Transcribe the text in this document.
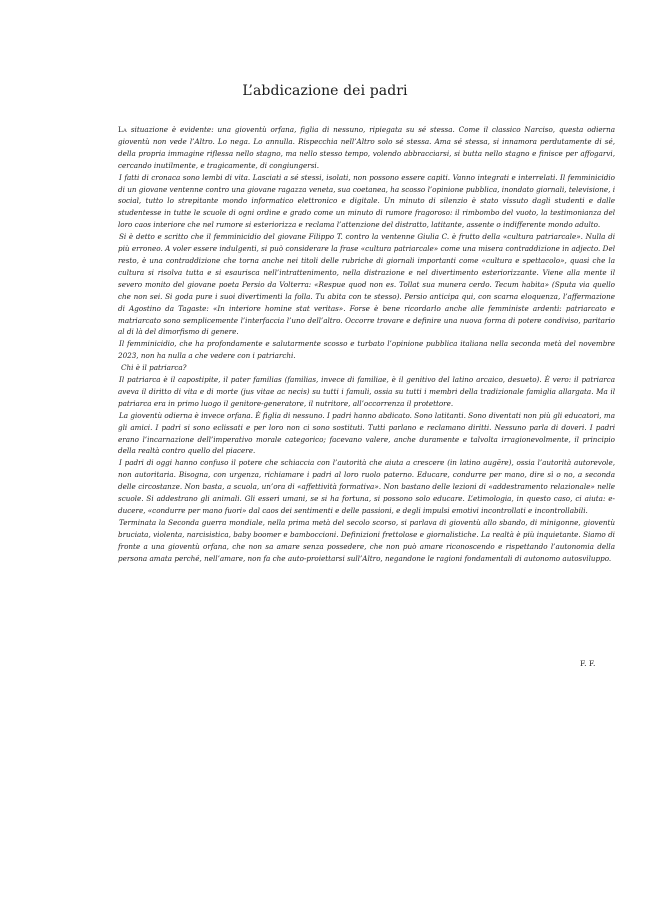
L’abdicazione dei padri

La situazione è evidente: una gioventù orfana, figlia di nessuno, ripiegata su sé stessa. Come il classico Narciso, questa odierna gioventù non vede l’Altro. Lo nega. Lo annulla. Rispecchia nell’Altro solo sé stessa. Ama sé stessa, si innamora perdutamente di sé, della propria immagine riflessa nello stagno, ma nello stesso tempo, volendo abbracciarsi, si butta nello stagno e finisce per affogarvi, cercando inutilmente, e tragicamente, di congiungersi.

I fatti di cronaca sono lembi di vita. Lasciati a sé stessi, isolati, non possono essere capiti. Vanno integrati e interrelati. Il femminicidio di un giovane ventenne contro una giovane ragazza veneta, sua coetanea, ha scosso l’opinione pubblica, inondato giornali, televisione, i social, tutto lo strepitante mondo informatico elettronico e digitale. Un minuto di silenzio è stato vissuto dagli studenti e dalle studentesse in tutte le scuole di ogni ordine e grado come un minuto di rumore fragoroso: il rimbombo del vuoto, la testimonianza del loro caos interiore che nel rumore si esteriorizza e reclama l’attenzione del distratto, latitante, assente o indifferente mondo adulto.

Si è detto e scritto che il femminicidio del giovane Filippo T. contro la ventenne Giulia C. è frutto della «cultura patriarcale». Nulla di più erroneo. A voler essere indulgenti, si può considerare la frase «cultura patriarcale» come una misera contraddizione in adjecto. Del resto, è una contraddizione che torna anche nei titoli delle rubriche di giornali importanti come «cultura e spettacolo», quasi che la cultura si risolva tutta e si esaurisca nell’intrattenimento, nella distrazione e nel divertimento esteriorizzante. Viene alla mente il severo monito del giovane poeta Persio da Volterra: «Respue quod non es. Tollat sua munera cerdo. Tecum habita» (Sputa via quello che non sei. Si goda pure i suoi divertimenti la folla. Tu abita con te stesso). Persio anticipa qui, con scarna eloquenza, l’affermazione di Agostino da Tagaste: «In interiore homine stat veritas». Forse è bene ricordarlo anche alle femministe ardenti: patriarcato e matriarcato sono semplicemente l’interfaccia l’uno dell’altro. Occorre trovare e definire una nuova forma di potere condiviso, paritario al di là del dimorfismo di genere.

Il femminicidio, che ha profondamente e salutarmente scosso e turbato l’opinione pubblica italiana nella seconda metà del novembre 2023, non ha nulla a che vedere con i patriarchi.

Chi è il patriarca?

Il patriarca è il capostipite, il pater familias (familias, invece di familiae, è il genitivo del latino arcaico, desueto). È vero: il patriarca aveva il diritto di vita e di morte (jus vitae ac necis) su tutti i famuli, ossia su tutti i membri della tradizionale famiglia allargata. Ma il patriarca era in primo luogo il genitore-generatore, il nutritore, all’occorrenza il protettore.

La gioventù odierna è invece orfana. È figlia di nessuno. I padri hanno abdicato. Sono latitanti. Sono diventati non più gli educatori, ma gli amici. I padri si sono eclissati e per loro non ci sono sostituti. Tutti parlano e reclamano diritti. Nessuno parla di doveri. I padri erano l’incarnazione dell’imperativo morale categorico; facevano valere, anche duramente e talvolta irragionevolmente, il principio della realtà contro quello del piacere.

I padri di oggi hanno confuso il potere che schiaccia con l’autorità che aiuta a crescere (in latino augēre), ossia l’autorità autorevole, non autoritaria. Bisogna, con urgenza, richiamare i padri al loro ruolo paterno. Educare, condurre per mano, dire sì o no, a seconda delle circostanze. Non basta, a scuola, un’ora di «affettività formativa». Non bastano delle lezioni di «addestramento relazionale» nelle scuole. Si addestrano gli animali. Gli esseri umani, se si ha fortuna, si possono solo educare. L’etimologia, in questo caso, ci aiuta: e-ducere, «condurre per mano fuori» dal caos dei sentimenti e delle passioni, e degli impulsi emotivi incontrollati e incontrollabili.

Terminata la Seconda guerra mondiale, nella prima metà del secolo scorso, si parlava di gioventù allo sbando, di minigonne, gioventù bruciata, violenta, narcisistica, baby boomer e bamboccioni. Definizioni frettolose e giornalistiche. La realtà è più inquietante. Siamo di fronte a una gioventù orfana, che non sa amare senza possedere, che non può amare riconoscendo e rispettando l’autonomia della persona amata perché, nell’amare, non fa che auto-proiettarsi sull’Altro, negandone le ragioni fondamentali di autonomo autosviluppo.

F. F.
